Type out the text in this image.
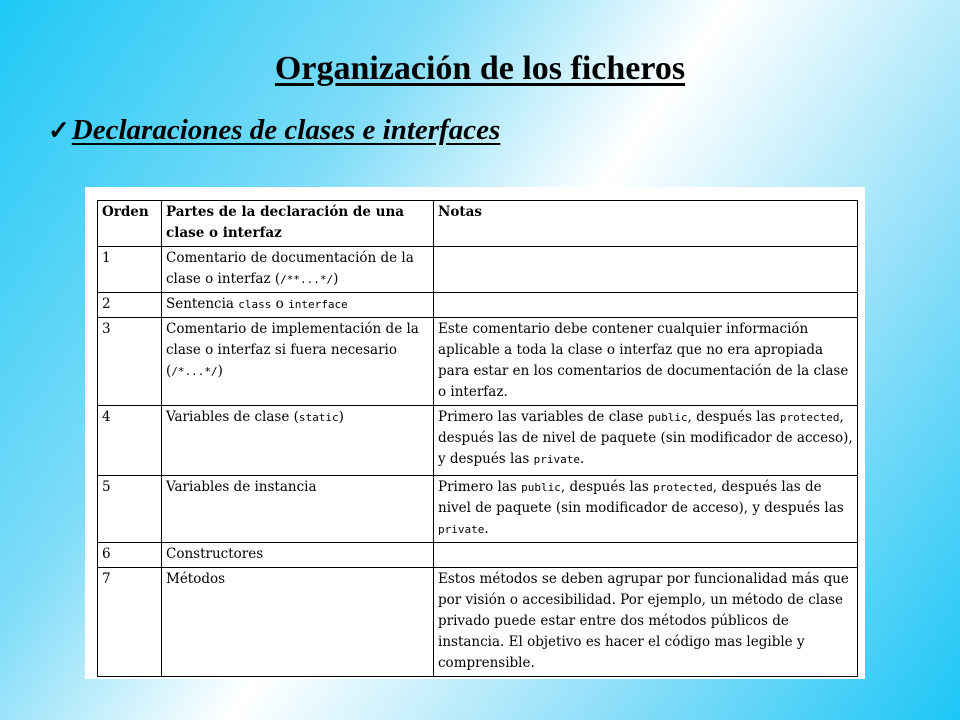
Organización de los ficheros
✓Declaraciones de clases e interfaces
Orden	Partes de la declaración de una clase o interfaz	Notas
1	Comentario de documentación de la clase o interfaz (/**...*/)	
2	Sentencia class o interface	
3	Comentario de implementación de la clase o interfaz si fuera necesario (/*...*/)	Este comentario debe contener cualquier información aplicable a toda la clase o interfaz que no era apropiada para estar en los comentarios de documentación de la clase o interfaz.
4	Variables de clase (static)	Primero las variables de clase public, después las protected, después las de nivel de paquete (sin modificador de acceso), y después las private.
5	Variables de instancia	Primero las public, después las protected, después las de nivel de paquete (sin modificador de acceso), y después las private.
6	Constructores	
7	Métodos	Estos métodos se deben agrupar por funcionalidad más que por visión o accesibilidad. Por ejemplo, un método de clase privado puede estar entre dos métodos públicos de instancia. El objetivo es hacer el código mas legible y comprensible.
